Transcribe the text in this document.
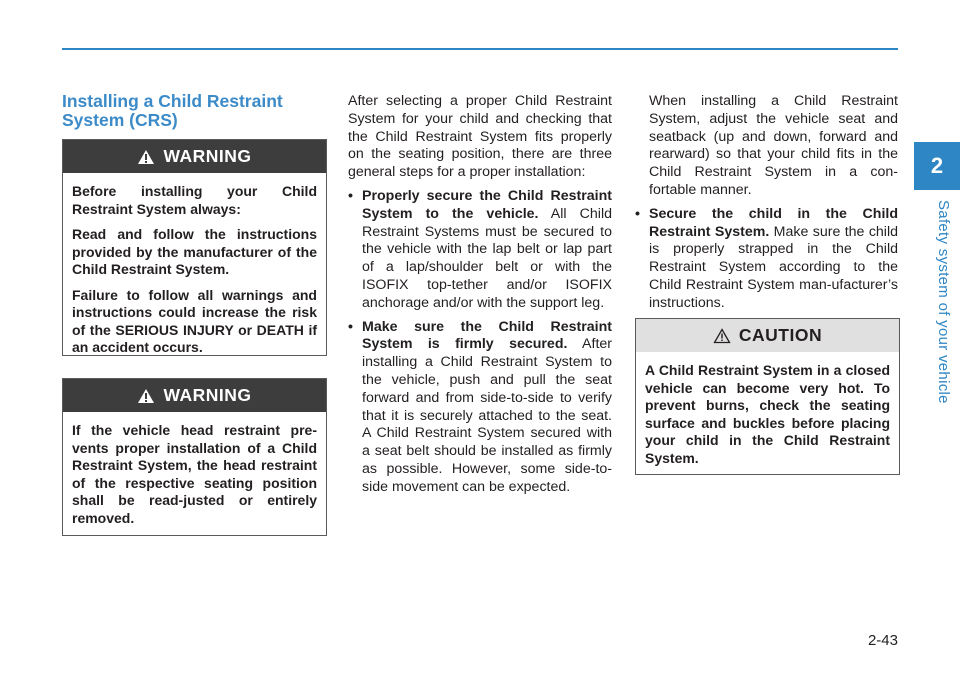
2
Safety system of your vehicle
2-43
Installing a Child Restraint System (CRS)
WARNING

Before installing your Child Restraint System always:

Read and follow the instructions provided by the manufacturer of the Child Restraint System.

Failure to follow all warnings and instructions could increase the risk of the SERIOUS INJURY or DEATH if an accident occurs.

WARNING

If the vehicle head restraint pre-vents proper installation of a Child Restraint System, the head restraint of the respective seating position shall be read-justed or entirely removed.

After selecting a proper Child Restraint System for your child and checking that the Child Restraint System fits properly on the seating position, there are three general steps for a proper installation:

• Properly secure the Child Restraint System to the vehicle. All Child Restraint Systems must be secured to the vehicle with the lap belt or lap part of a lap/shoulder belt or with the ISOFIX top-tether and/or ISOFIX anchorage and/or with the support leg.
• Make sure the Child Restraint System is firmly secured. After installing a Child Restraint System to the vehicle, push and pull the seat forward and from side-to-side to verify that it is securely attached to the seat. A Child Restraint System secured with a seat belt should be installed as firmly as possible. However, some side-to-side movement can be expected.

When installing a Child Restraint System, adjust the vehicle seat and seatback (up and down, forward and rearward) so that your child fits in the Child Restraint System in a con-fortable manner.

• Secure the child in the Child Restraint System. Make sure the child is properly strapped in the Child Restraint System according to the Child Restraint System man-ufacturer’s instructions.
CAUTION

A Child Restraint System in a closed vehicle can become very hot. To prevent burns, check the seating surface and buckles before placing your child in the Child Restraint System.
